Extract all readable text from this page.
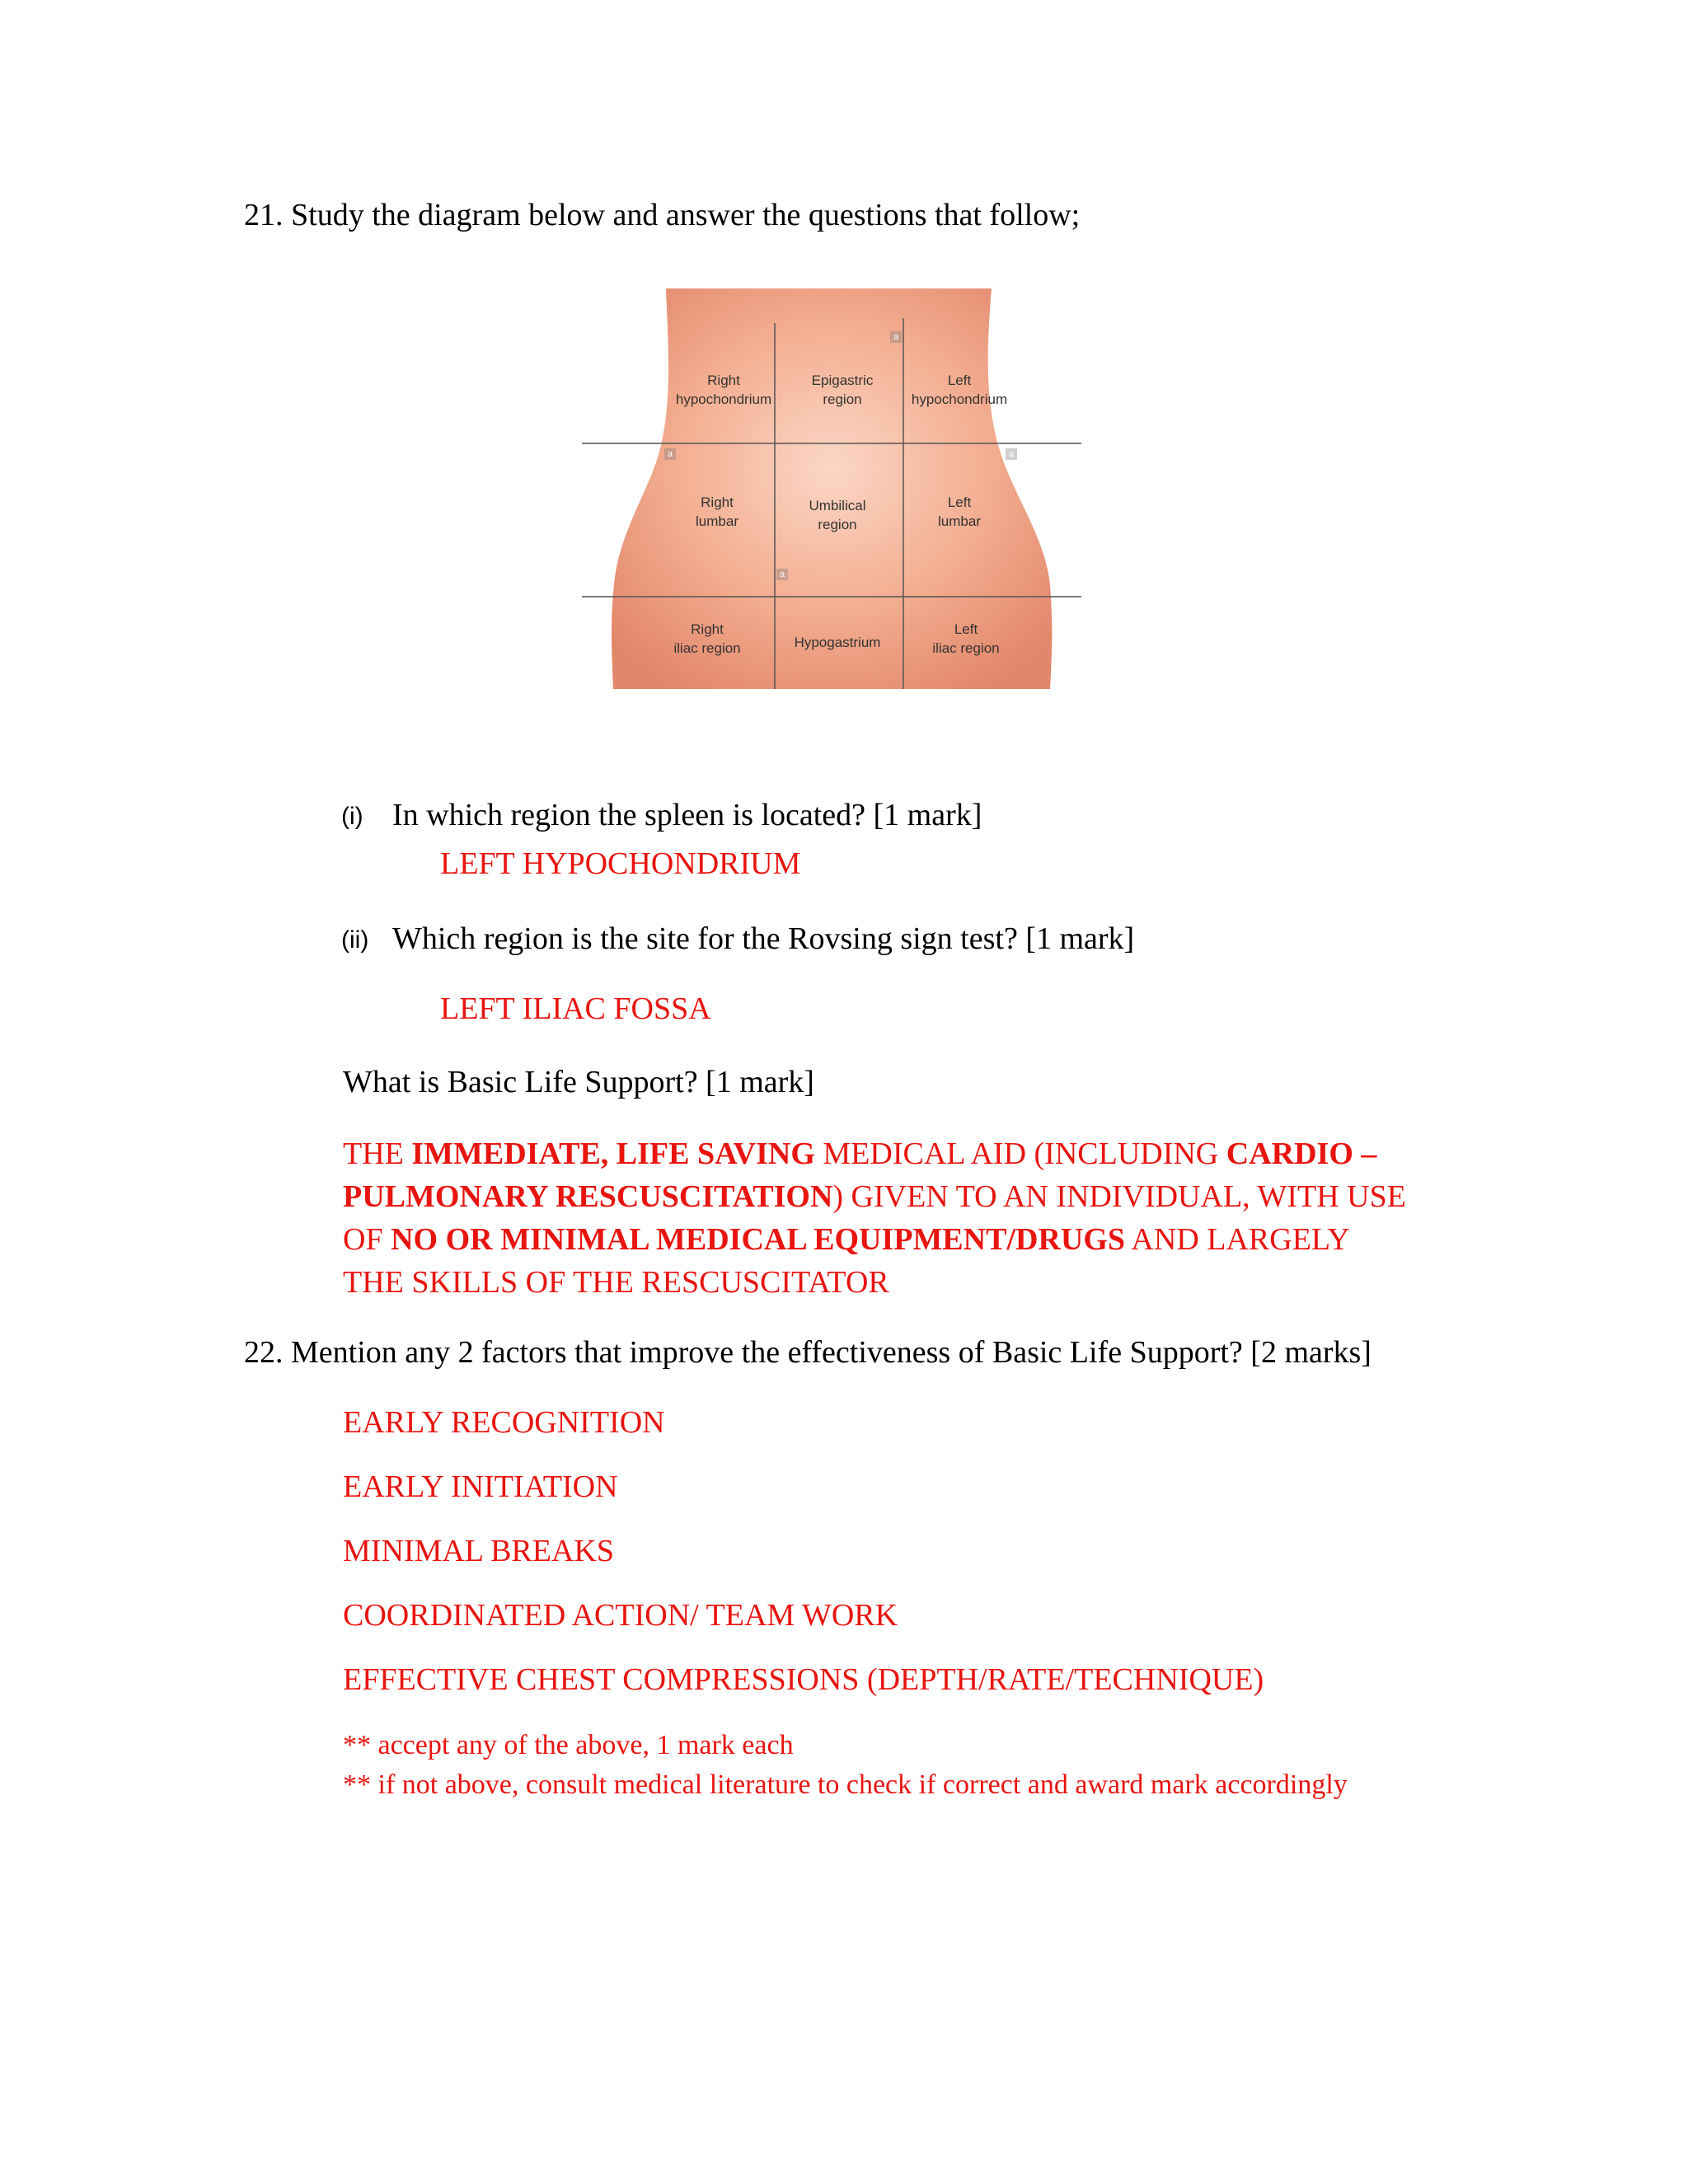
21. Study the diagram below and answer the questions that follow;
a
a	a
a
Right
hypochondrium
Epigastric
region
Left
hypochondrium
Right
lumbar
Umbilical
region
Left
lumbar
Right
iliac region	Hypogastrium
Left
iliac region
(i) In which region the spleen is located? [1 mark]
LEFT HYPOCHONDRIUM
(ii) Which region is the site for the Rovsing sign test? [1 mark]
LEFT ILIAC FOSSA
What is Basic Life Support? [1 mark]
THE IMMEDIATE, LIFE SAVING MEDICAL AID (INCLUDING CARDIO –
PULMONARY RESCUSCITATION) GIVEN TO AN INDIVIDUAL, WITH USE
OF NO OR MINIMAL MEDICAL EQUIPMENT/DRUGS AND LARGELY
THE SKILLS OF THE RESCUSCITATOR
22. Mention any 2 factors that improve the effectiveness of Basic Life Support? [2 marks]
EARLY RECOGNITION
EARLY INITIATION
MINIMAL BREAKS
COORDINATED ACTION/ TEAM WORK
EFFECTIVE CHEST COMPRESSIONS (DEPTH/RATE/TECHNIQUE)
** accept any of the above, 1 mark each
** if not above, consult medical literature to check if correct and award mark accordingly
